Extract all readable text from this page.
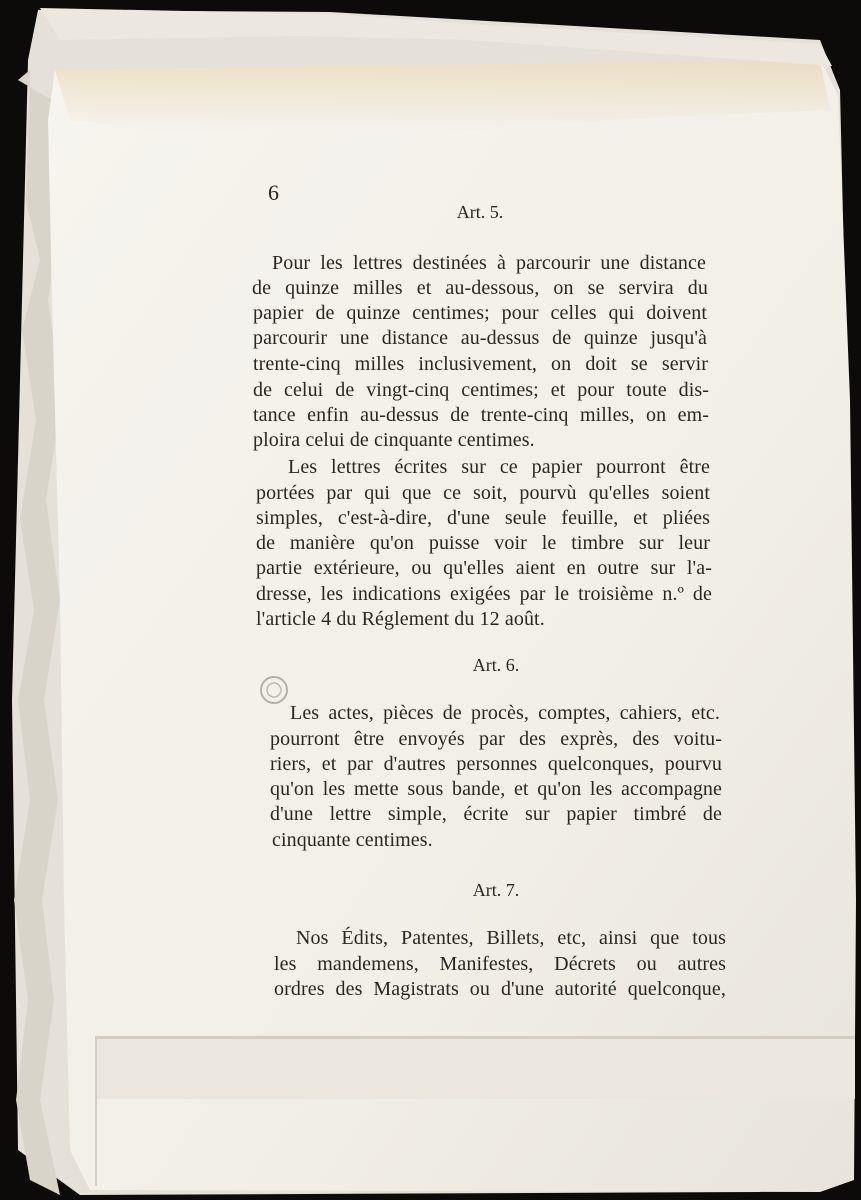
6
Art. 5.
Pour les lettres destinées à parcourir une distance
de quinze milles et au-dessous, on se servira du
papier de quinze centimes; pour celles qui doivent
parcourir une distance au-dessus de quinze jusqu'à
trente-cinq milles inclusivement, on doit se servir
de celui de vingt-cinq centimes; et pour toute dis-
tance enfin au-dessus de trente-cinq milles, on em-
ploira celui de cinquante centimes.
Les lettres écrites sur ce papier pourront être
portées par qui que ce soit, pourvù qu'elles soient
simples, c'est-à-dire, d'une seule feuille, et pliées
de manière qu'on puisse voir le timbre sur leur
partie extérieure, ou qu'elles aient en outre sur l'a-
dresse, les indications exigées par le troisième n.º de
l'article 4 du Réglement du 12 août.
Art. 6.
Les actes, pièces de procès, comptes, cahiers, etc.
pourront être envoyés par des exprès, des voitu-
riers, et par d'autres personnes quelconques, pourvu
qu'on les mette sous bande, et qu'on les accompagne
d'une lettre simple, écrite sur papier timbré de
cinquante centimes.
Art. 7.
Nos Édits, Patentes, Billets, etc, ainsi que tous
les mandemens, Manifestes, Décrets ou autres
ordres des Magistrats ou d'une autorité quelconque,
